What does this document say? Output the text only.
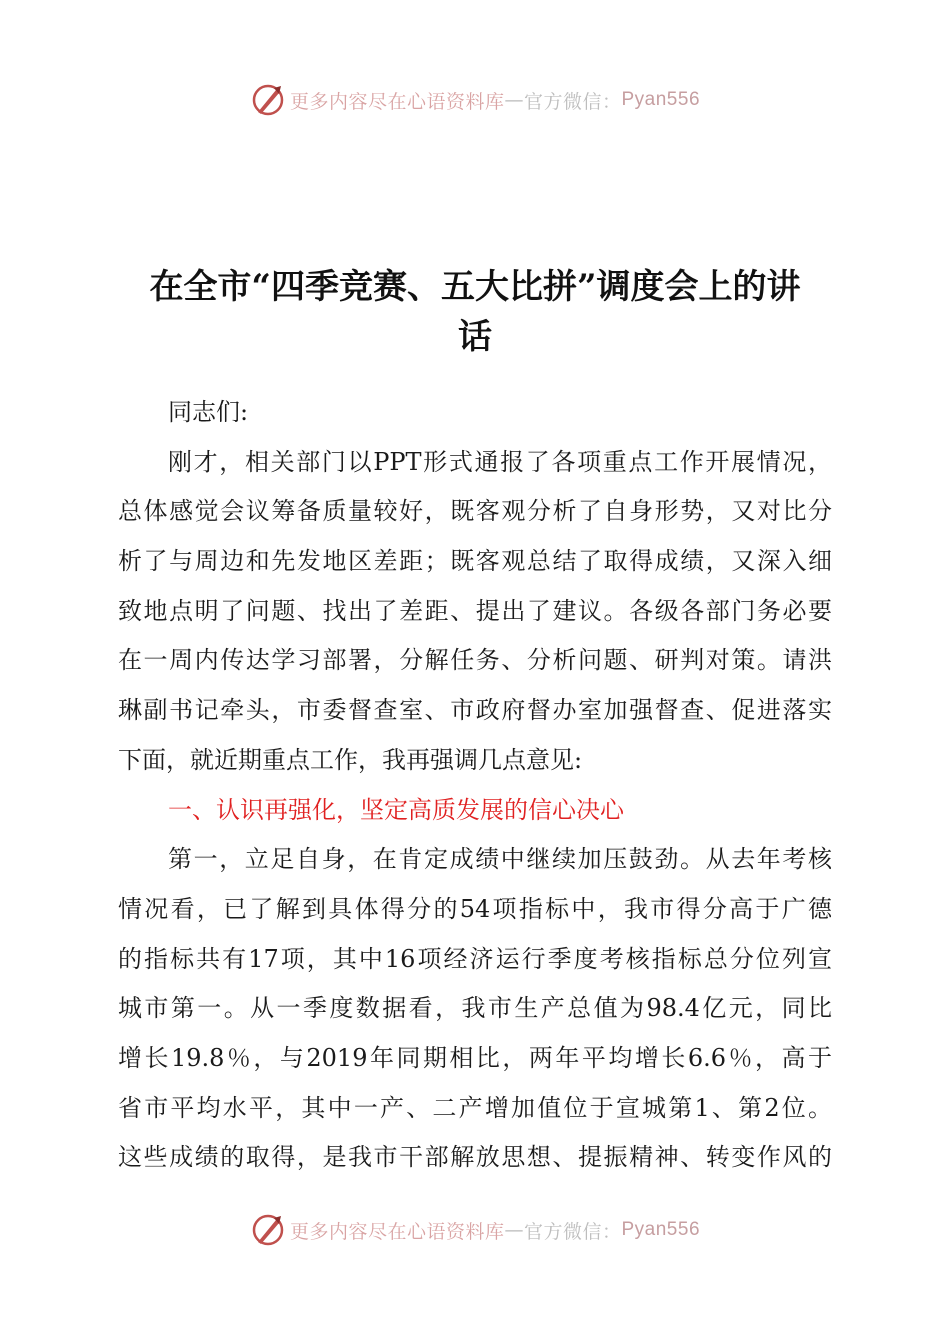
更多内容尽在心语资料库 — 官方微信： Pyan556
在全市“四季竞赛、五大比拼”调度会上的讲
话
同志们:
刚才，相关部门以PPT形式通报了各项重点工作开展情况，
总体感觉会议筹备质量较好，既客观分析了自身形势，又对比分
析了与周边和先发地区差距；既客观总结了取得成绩，又深入细
致地点明了问题、找出了差距、提出了建议。各级各部门务必要
在一周内传达学习部署，分解任务、分析问题、研判对策。请洪
琳副书记牵头，市委督查室、市政府督办室加强督查、促进落实
下面，就近期重点工作，我再强调几点意见:
一、认识再强化，坚定高质发展的信心决心
第一，立足自身，在肯定成绩中继续加压鼓劲。从去年考核
情况看，已了解到具体得分的54项指标中，我市得分高于广德
的指标共有17项，其中16项经济运行季度考核指标总分位列宣
城市第一。从一季度数据看，我市生产总值为98.4亿元，同比
增长19.8％，与2019年同期相比，两年平均增长6.6％，高于
省市平均水平，其中一产、二产增加值位于宣城第1、第2位。
这些成绩的取得，是我市干部解放思想、提振精神、转变作风的
更多内容尽在心语资料库 — 官方微信： Pyan556
